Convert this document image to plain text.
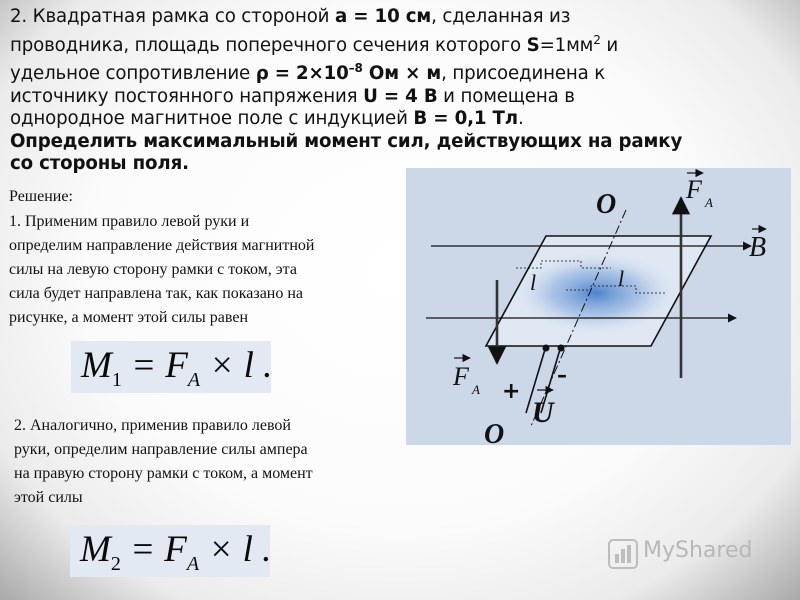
2. Квадратная рамка со стороной a = 10 см, сделанная из
проводника, площадь поперечного сечения которого $S=1мм^2$ и
удельное сопротивление $\rho = 2\times 10^{-8}$ Ом × м, присоединена к
источнику постоянного напряжения U = 4 В и помещена в
однородное магнитное поле с индукцией B = 0,1 Тл.
Определить максимальный момент сил, действующих на рамку
со стороны поля.
Решение:
1. Применим правило левой руки и
определим направление действия магнитной
силы на левую сторону рамки с током, эта
сила будет направлена так, как показано на
рисунке, а момент этой силы равен
$M_1 = F_A \times l$ .
2. Аналогично, применив правило левой
руки, определим направление силы ампера
на правую сторону рамки с током, а момент
этой силы
$M_2 = F_A \times l$ .
O
O
F A
F A
B
l	l
+
–
U
MyShared
